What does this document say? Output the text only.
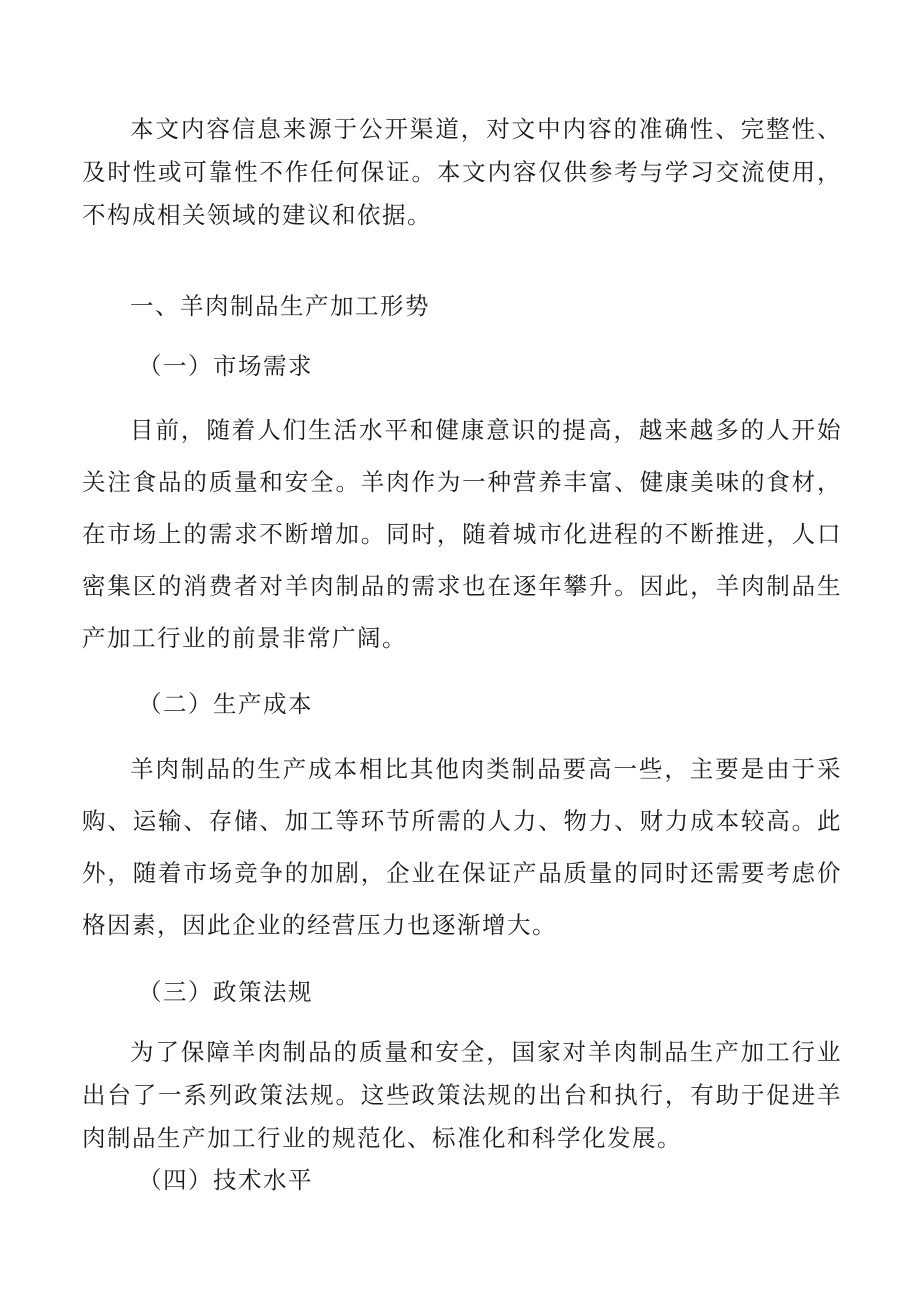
本文内容信息来源于公开渠道，对文中内容的准确性、完整性、及时性或可靠性不作任何保证。本文内容仅供参考与学习交流使用，不构成相关领域的建议和依据。

一、羊肉制品生产加工形势

（一）市场需求

目前，随着人们生活水平和健康意识的提高，越来越多的人开始关注食品的质量和安全。羊肉作为一种营养丰富、健康美味的食材，在市场上的需求不断增加。同时，随着城市化进程的不断推进，人口密集区的消费者对羊肉制品的需求也在逐年攀升。因此，羊肉制品生产加工行业的前景非常广阔。

（二）生产成本

羊肉制品的生产成本相比其他肉类制品要高一些，主要是由于采购、运输、存储、加工等环节所需的人力、物力、财力成本较高。此外，随着市场竞争的加剧，企业在保证产品质量的同时还需要考虑价格因素，因此企业的经营压力也逐渐增大。

（三）政策法规

为了保障羊肉制品的质量和安全，国家对羊肉制品生产加工行业出台了一系列政策法规。这些政策法规的出台和执行，有助于促进羊肉制品生产加工行业的规范化、标准化和科学化发展。

（四）技术水平
